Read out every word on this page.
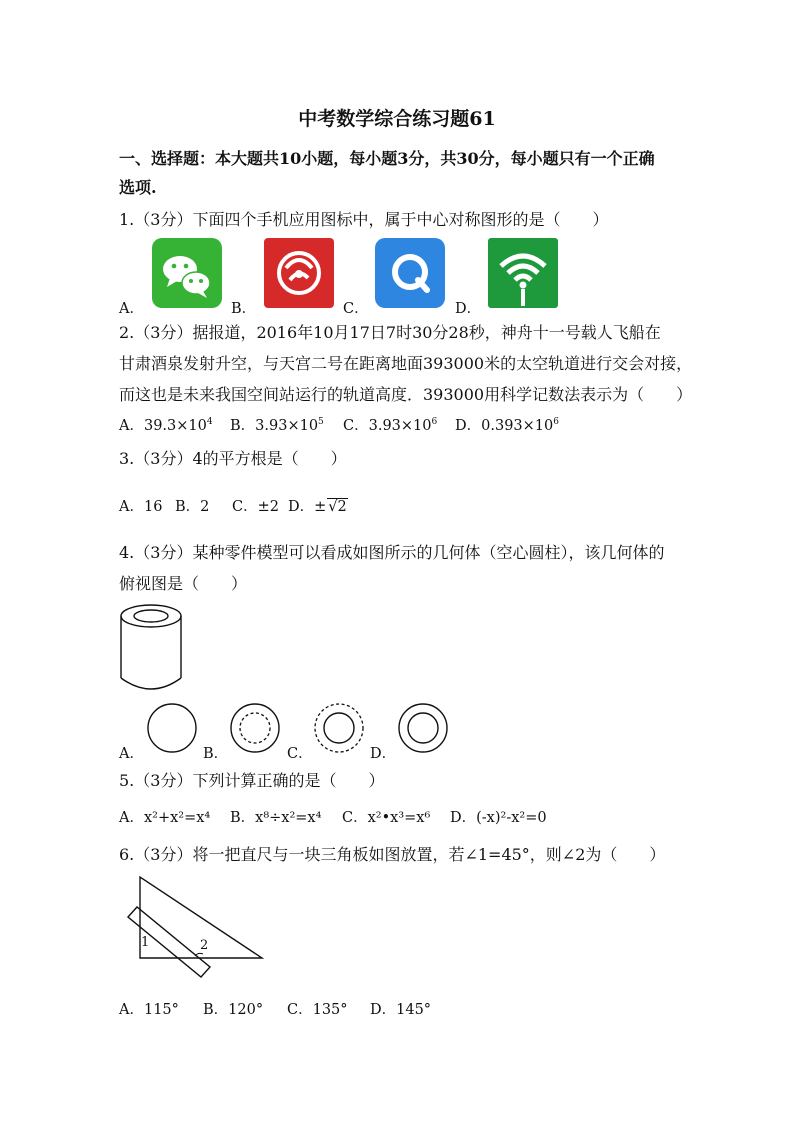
中考数学综合练习题61
一、选择题：本大题共10小题，每小题3分，共30分，每小题只有一个正确
选项.
1.（3分）下面四个手机应用图标中，属于中心对称图形的是（　　）
A．	B．	C．	D．
2.（3分）据报道，2016年10月17日7时30分28秒，神舟十一号载人飞船在
甘肃酒泉发射升空，与天宫二号在距离地面393000米的太空轨道进行交会对接，
而这也是未来我国空间站运行的轨道高度．393000用科学记数法表示为（　　）
A．$39.3\times 10^4$ B．$3.93\times 10^5$ C．$3.93\times 10^6$ D．$0.393\times 10^6$
3.（3分）4的平方根是（　　）
A．16 B．2 C．±2 D．± √2
4.（3分）某种零件模型可以看成如图所示的几何体（空心圆柱），该几何体的
俯视图是（　　）
A．	B．	C．	D．
5.（3分）下列计算正确的是（　　）
A．x²+x²=x⁴ B．x⁸÷x²=x⁴ C．x²•x³=x⁶ D．(-x)²-x²=0
6.（3分）将一把直尺与一块三角板如图放置，若∠1=45°，则∠2为（　　）
1	2
A．115° B．120° C．135° D．145°
